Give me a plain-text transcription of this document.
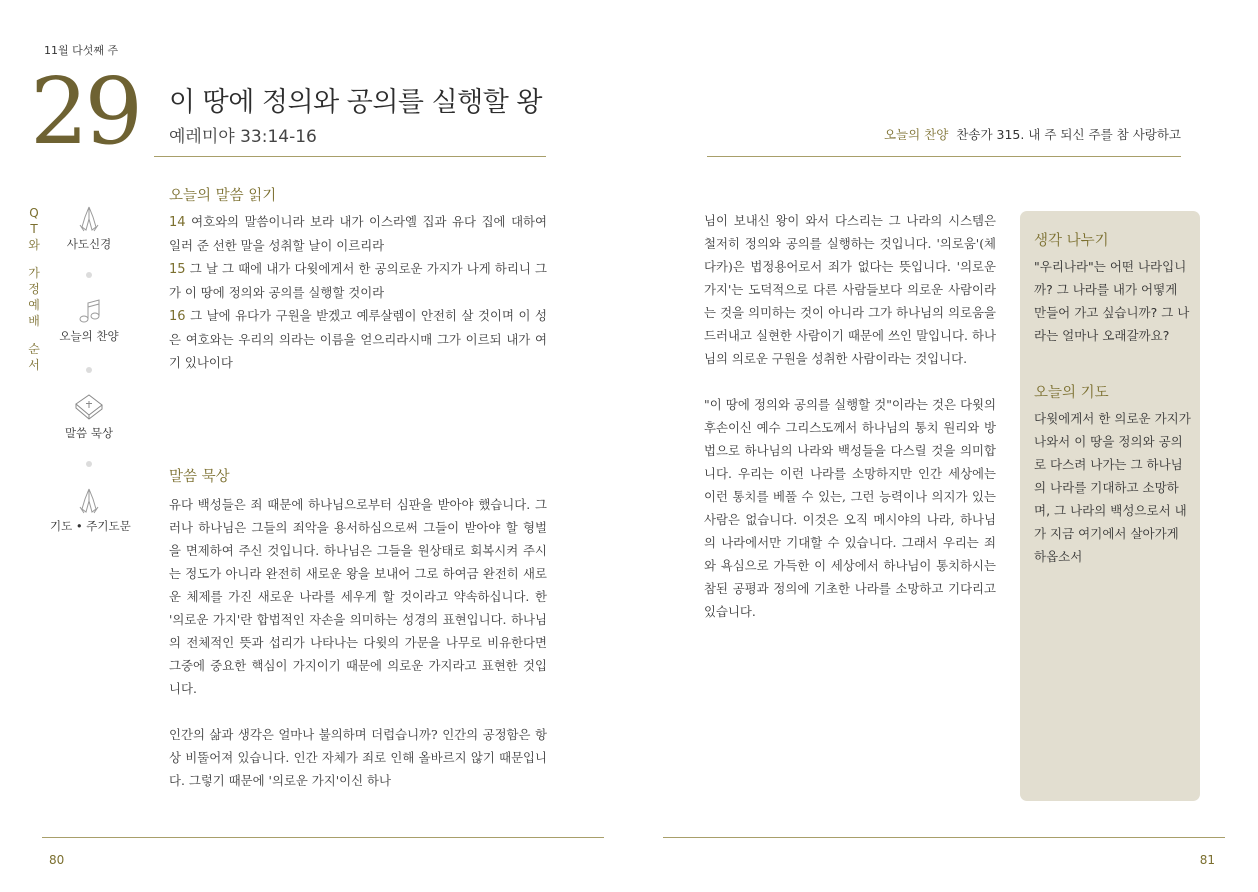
11월 다섯째 주
29 이 땅에 정의와 공의를 실행할 왕
예레미야 33:14-16	오늘의 찬양 찬송가 315. 내 주 되신 주를 참 사랑하고
Q
T
와
가
정
예
배
순
서
사도신경
오늘의 찬양
말씀 묵상
기도 • 주기도문
오늘의 말씀 읽기

14 여호와의 말씀이니라 보라 내가 이스라엘 집과 유다 집에 대하여 일러 준 선한 말을 성취할 날이 이르리라

15 그 날 그 때에 내가 다윗에게서 한 공의로운 가지가 나게 하리니 그가 이 땅에 정의와 공의를 실행할 것이라

16 그 날에 유다가 구원을 받겠고 예루살렘이 안전히 살 것이며 이 성은 여호와는 우리의 의라는 이름을 얻으리라시매 그가 이르되 내가 여기 있나이다

말씀 묵상

유다 백성들은 죄 때문에 하나님으로부터 심판을 받아야 했습니다. 그러나 하나님은 그들의 죄악을 용서하심으로써 그들이 받아야 할 형벌을 면제하여 주신 것입니다. 하나님은 그들을 원상태로 회복시켜 주시는 정도가 아니라 완전히 새로운 왕을 보내어 그로 하여금 완전히 새로운 체제를 가진 새로운 나라를 세우게 할 것이라고 약속하십니다. 한 '의로운 가지'란 합법적인 자손을 의미하는 성경의 표현입니다. 하나님의 전체적인 뜻과 섭리가 나타나는 다윗의 가문을 나무로 비유한다면 그중에 중요한 핵심이 가지이기 때문에 의로운 가지라고 표현한 것입니다.

인간의 삶과 생각은 얼마나 불의하며 더럽습니까? 인간의 공정함은 항상 비뚤어져 있습니다. 인간 자체가 죄로 인해 올바르지 않기 때문입니다. 그렇기 때문에 '의로운 가지'이신 하나

님이 보내신 왕이 와서 다스리는 그 나라의 시스템은 철저히 정의와 공의를 실행하는 것입니다. '의로움'(체다카)은 법정용어로서 죄가 없다는 뜻입니다. '의로운 가지'는 도덕적으로 다른 사람들보다 의로운 사람이라는 것을 의미하는 것이 아니라 그가 하나님의 의로움을 드러내고 실현한 사람이기 때문에 쓰인 말입니다. 하나님의 의로운 구원을 성취한 사람이라는 것입니다.

"이 땅에 정의와 공의를 실행할 것"이라는 것은 다윗의 후손이신 예수 그리스도께서 하나님의 통치 원리와 방법으로 하나님의 나라와 백성들을 다스릴 것을 의미합니다. 우리는 이런 나라를 소망하지만 인간 세상에는 이런 통치를 베풀 수 있는, 그런 능력이나 의지가 있는 사람은 없습니다. 이것은 오직 메시야의 나라, 하나님의 나라에서만 기대할 수 있습니다. 그래서 우리는 죄와 욕심으로 가득한 이 세상에서 하나님이 통치하시는 참된 공평과 정의에 기초한 나라를 소망하고 기다리고 있습니다.

생각 나누기
"우리나라"는 어떤 나라입니까? 그 나라를 내가 어떻게 만들어 가고 싶습니까? 그 나라는 얼마나 오래갈까요?
오늘의 기도
다윗에게서 한 의로운 가지가 나와서 이 땅을 정의와 공의로 다스려 나가는 그 하나님의 나라를 기대하고 소망하며, 그 나라의 백성으로서 내가 지금 여기에서 살아가게 하옵소서
80	81
